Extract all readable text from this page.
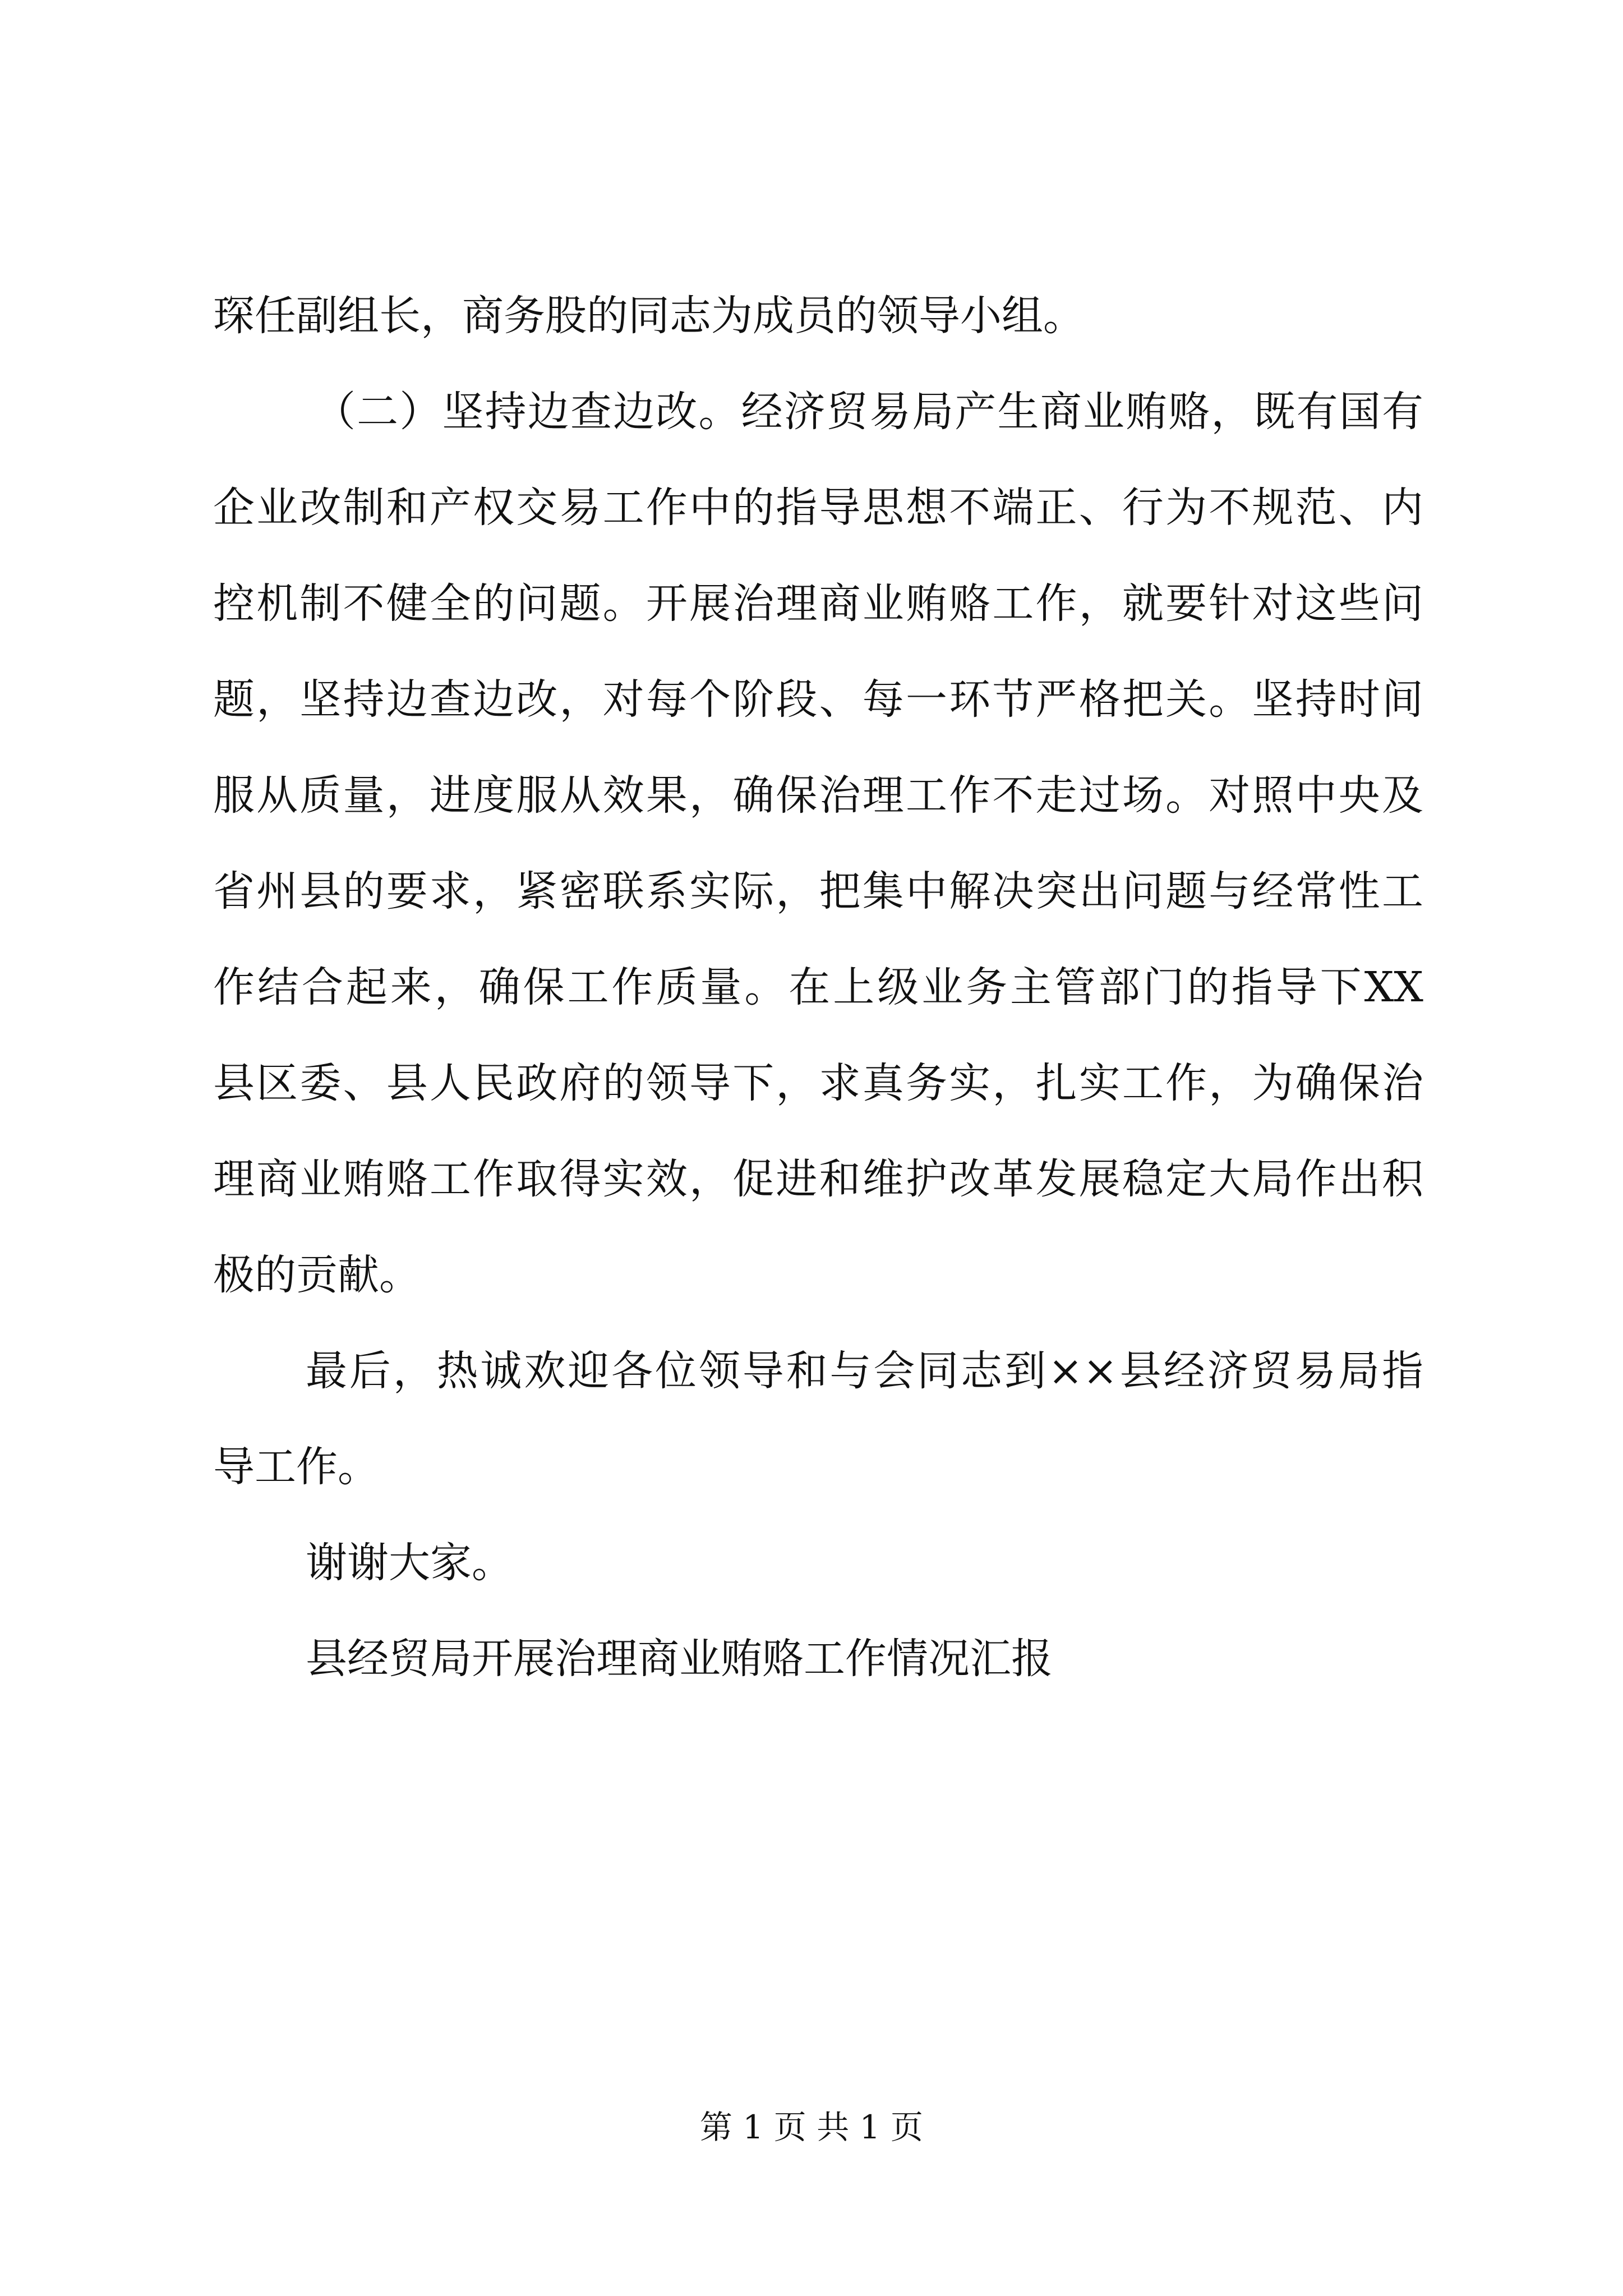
琛任副组长，商务股的同志为成员的领导小组。
（二）坚持边查边改。经济贸易局产生商业贿赂，既有国有
企业改制和产权交易工作中的指导思想不端正、行为不规范、内
控机制不健全的问题。开展治理商业贿赂工作，就要针对这些问
题，坚持边查边改，对每个阶段、每一环节严格把关。坚持时间
服从质量，进度服从效果，确保治理工作不走过场。对照中央及
省州县的要求，紧密联系实际，把集中解决突出问题与经常性工
作结合起来，确保工作质量。在上级业务主管部门的指导下XX
县区委、县人民政府的领导下，求真务实，扎实工作，为确保治
理商业贿赂工作取得实效，促进和维护改革发展稳定大局作出积
极的贡献。
最后，热诚欢迎各位领导和与会同志到××县经济贸易局指
导工作。
谢谢大家。
县经贸局开展治理商业贿赂工作情况汇报
第 1 页 共 1 页
